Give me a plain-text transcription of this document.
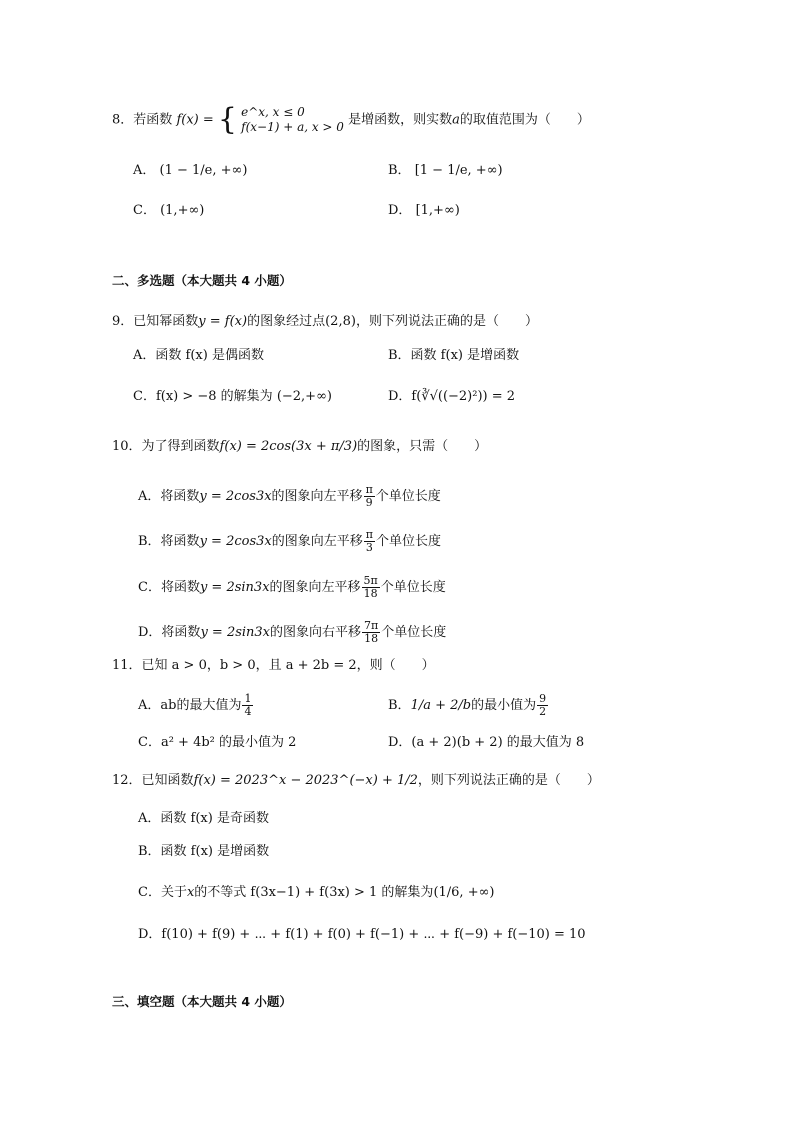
8．若函数 f(x) = { e^x, x ≤ 0
f(x−1) + a, x > 0 是增函数，则实数a的取值范围为（　　）
A． (1 − 1/e, +∞)	B． [1 − 1/e, +∞)
C． (1,+∞)	D． [1,+∞)
二、多选题（本大题共 4 小题）
9．已知幂函数y = f(x)的图象经过点(2,8)，则下列说法正确的是（　　）
A．函数 f(x) 是偶函数	B．函数 f(x) 是增函数
C．f(x) > −8 的解集为 (−2,+∞)	D．f(∛√((−2)²)) = 2
10．为了得到函数f(x) = 2cos(3x + π/3)的图象，只需（　　）
A．将函数y = 2cos3x的图象向左平移 $\frac{\pi}{9}$ 个单位长度
B．将函数y = 2cos3x的图象向左平移 $\frac{\pi}{3}$ 个单位长度
C．将函数y = 2sin3x的图象向左平移 $\frac{5\pi}{18}$ 个单位长度
D．将函数y = 2sin3x的图象向右平移 $\frac{7\pi}{18}$ 个单位长度
11．已知 a > 0，b > 0，且 a + 2b = 2，则（　　）
A．ab的最大值为 $\frac{1}{4}$	B．1/a + 2/b的最小值为 $\frac{9}{2}$
C．a² + 4b² 的最小值为 2	D．(a + 2)(b + 2) 的最大值为 8
12．已知函数f(x) = 2023^x − 2023^(−x) + 1/2，则下列说法正确的是（　　）
A．函数 f(x) 是奇函数
B．函数 f(x) 是增函数
C．关于x的不等式 f(3x−1) + f(3x) > 1 的解集为(1/6, +∞)
D．f(10) + f(9) + ⋯ + f(1) + f(0) + f(−1) + ⋯ + f(−9) + f(−10) = 10
三、填空题（本大题共 4 小题）
